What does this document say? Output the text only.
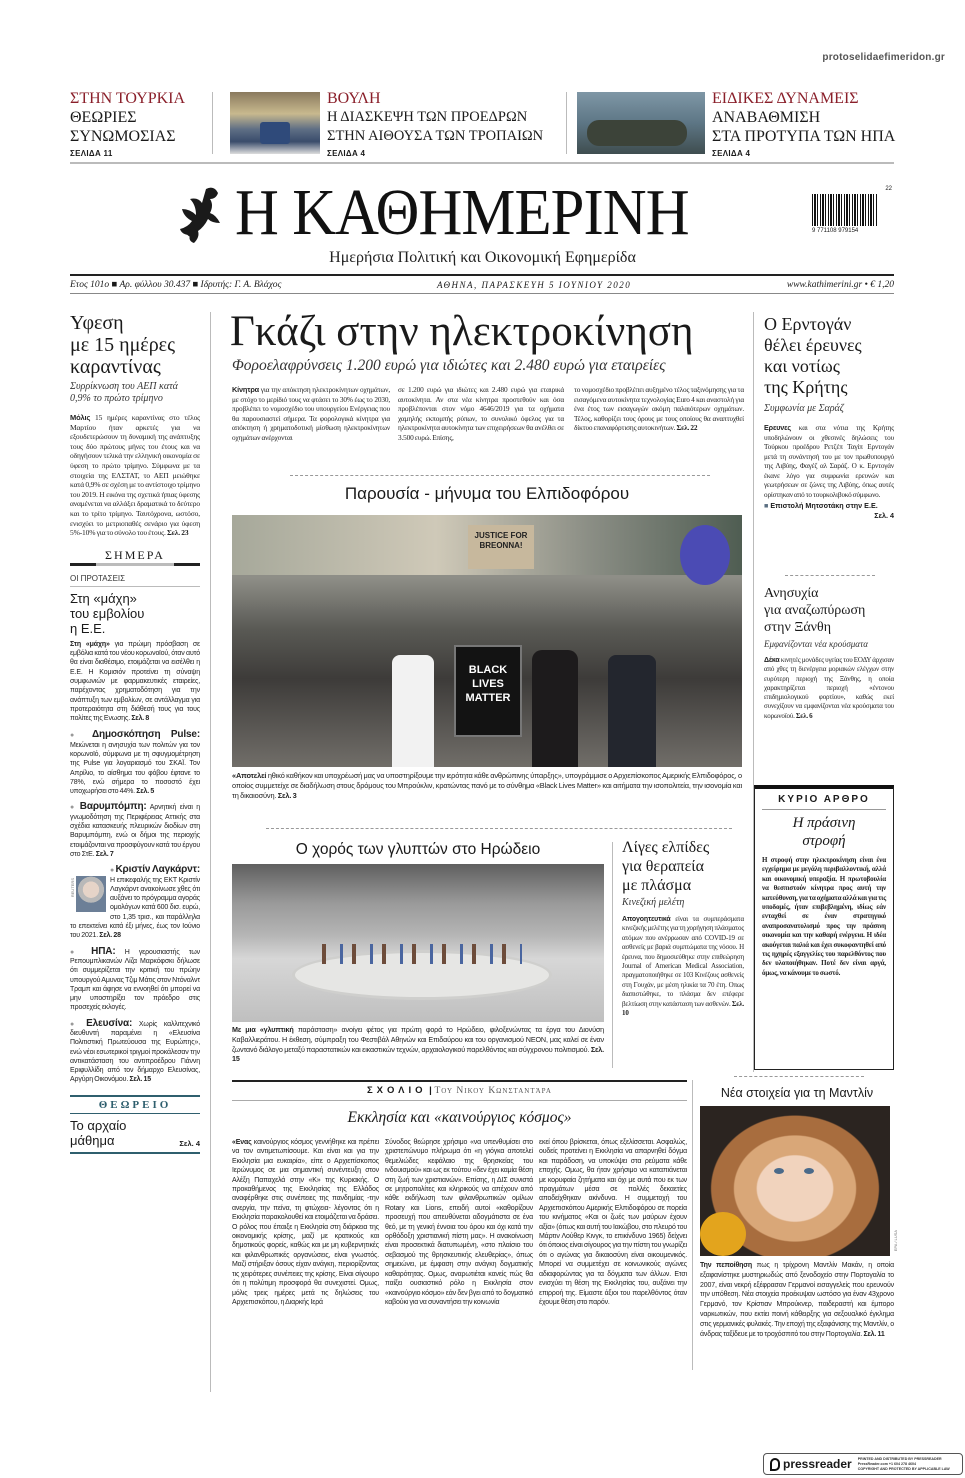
protoselidaefimeridon.gr
ΣΤΗΝ ΤΟΥΡΚΙΑ
ΘΕΩΡΙΕΣ
ΣΥΝΩΜΟΣΙΑΣ
ΣΕΛΙΔΑ 11
ΒΟΥΛΗ
Η ΔΙΑΣΚΕΨΗ ΤΩΝ ΠΡΟΕΔΡΩΝ
ΣΤΗΝ ΑΙΘΟΥΣΑ ΤΩΝ ΤΡΟΠΑΙΩΝ
ΣΕΛΙΔΑ 4
ΕΙΔΙΚΕΣ ΔΥΝΑΜΕΙΣ
ΑΝΑΒΑΘΜΙΣΗ
ΣΤΑ ΠΡΟΤΥΠΑ ΤΩΝ ΗΠΑ
ΣΕΛΙΔΑ 4
Η ΚΑΘΗΜΕΡΙΝΗ	22
9 771108 979154
Ημερήσια Πολιτική και Οικονομική Εφημερίδα
Ετος 101ο ■ Αρ. φύλλου 30.437 ■ Ιδρυτής: Γ. Α. Βλάχος	ΑΘΗΝΑ, ΠΑΡΑΣΚΕΥΗ 5 ΙΟΥΝΙΟΥ 2020	www.kathimerini.gr • € 1,20
Υφεση
με 15 ημέρες
καραντίνας
Συρρίκνωση του ΑΕΠ κατά 0,9% το πρώτο τρίμηνο

Μόλις 15 ημέρες καραντίνας στο τέλος Μαρτίου ήταν αρκετές για να εξουδετερώσουν τη δυναμική της ανάπτυξης τους δύο πρώτους μήνες του έτους και να οδηγήσουν τελικά την ελληνική οικονομία σε ύφεση το πρώτο τρίμηνο. Σύμφωνα με τα στοιχεία της ΕΛΣΤΑΤ, το ΑΕΠ μειώθηκε κατά 0,9% σε σχέση με το αντίστοιχο τρίμηνο του 2019. Η εικόνα της σχετικά ήπιας ύφεσης αναμένεται να αλλάξει δραματικά το δεύτερο και το τρίτο τρίμηνο. Ταυτόχρονα, ωστόσο, ενισχύει το μετριοπαθές σενάριο για ύφεση 5%-10% για το σύνολο του έτους. Σελ. 23

ΣΗΜΕΡΑ
ΟΙ ΠΡΟΤΑΣΕΙΣ
Στη «μάχη»
του εμβολίου
η Ε.Ε.

Στη «μάχη» για πρώιμη πρόσβαση σε εμβόλια κατά του νέου κορωνοϊού, όταν αυτό θα είναι διαθέσιμο, ετοιμάζεται να εισέλθει η Ε.Ε. Η Κομισιόν προτείνει τη σύναψη συμφωνιών με φαρμακευτικές εταιρείες, παρέχοντας χρηματοδότηση για την ανάπτυξη των εμβολίων, σε αντάλλαγμα για προτεραιότητα στη διάθεσή τους για τους πολίτες της Ενωσης. Σελ. 8

● Δημοσκόπηση Pulse: Μειώνεται η ανησυχία των πολιτών για τον κορωνοϊό, σύμφωνα με τη σφυγμομέτρηση της Pulse για λογαριασμό του ΣΚΑΪ. Τον Απρίλιο, το αίσθημα του φόβου έφτανε το 78%, ενώ σήμερα το ποσοστό έχει υποχωρήσει στο 44%. Σελ. 5

● Βαρυμπόμπη: Αρνητική είναι η γνωμοδότηση της Περιφέρειας Αττικής στα σχέδια κατασκευής πλευρικών διοδίων στη Βαρυμπόμπη, ενώ οι δήμοι της περιοχής ετοιμάζονται να προσφύγουν κατά του έργου στο ΣτΕ. Σελ. 7

● Κριστίν Λαγκάρντ: Η επικεφαλής της ΕΚΤ Κριστίν Λαγκάρντ ανακοίνωσε χθες ότι αυξάνει το πρόγραμμα αγοράς ομολόγων κατά 600 δισ. ευρώ, στο 1,35 τρισ., και παράλληλα το επεκτείνει κατά έξι μήνες, έως τον Ιούνιο του 2021. Σελ. 28

REUTERS

● ΗΠΑ: Η γερουσιαστής των Ρεπουμπλικανών Λίζα Μαρκόφσκι δήλωσε ότι συμμερίζεται την κριτική του πρώην υπουργού Αμυνας Τζιμ Μάτις στον Ντόναλντ Τραμπ και άφησε να εννοηθεί ότι μπορεί να μην υποστηρίξει τον πρόεδρο στις προσεχείς εκλογές.

● Ελευσίνα: Χωρίς καλλιτεχνικό διευθυντή παραμένει η «Ελευσίνα Πολιτιστική Πρωτεύουσα της Ευρώπης», ενώ νέοι εσωτερικοί τριγμοί προκάλεσαν την αντικατάσταση του αντιπροέδρου Γιάννη Εριφυλλίδη από τον δήμαρχο Ελευσίνας, Αργύρη Οικονόμου. Σελ. 15

ΘΕΩΡΕΙΟ
Το αρχαίο
μάθημα	Σελ. 4
Γκάζι στην ηλεκτροκίνηση
Φοροελαφρύνσεις 1.200 ευρώ για ιδιώτες και 2.480 ευρώ για εταιρείες
Κίνητρα για την απόκτηση ηλεκτροκίνητων οχημάτων, με στόχο το μερίδιό τους να φτάσει το 30% έως το 2030, προβλέπει το νομοσχέδιο του υπουργείου Ενέργειας που θα παρουσιαστεί σήμερα. Τα φορολογικά κίνητρα για απόκτηση ή χρηματοδοτική μίσθωση ηλεκτροκίνητων οχημάτων ανέρχονται
σε 1.200 ευρώ για ιδιώτες και 2.480 ευρώ για εταιρικά αυτοκίνητα. Αν στα νέα κίνητρα προστεθούν και όσα προβλέπονται στον νόμο 4646/2019 για τα οχήματα χαμηλής εκπομπής ρύπων, το συνολικό όφελος για τα ηλεκτροκίνητα αυτοκίνητα των επιχειρήσεων θα ανέλθει σε 3.500 ευρώ. Επίσης,
το νομοσχέδιο προβλέπει αυξημένο τέλος ταξινόμησης για τα εισαγόμενα αυτοκίνητα τεχνολογίας Euro 4 και αναστολή για ένα έτος των εισαγωγών ακόμη παλαιότερων οχημάτων. Τέλος, καθορίζει τους όρους με τους οποίους θα αναπτυχθεί δίκτυο επαναφόρτισης αυτοκινήτων. Σελ. 22
Παρουσία - μήνυμα του Ελπιδοφόρου
JUSTICE FOR BREONNA!
BLACK LIVES MATTER
«Αποτελεί ηθικό καθήκον και υποχρέωσή μας να υποστηρίξουμε την ιερότητα κάθε ανθρώπινης ύπαρξης», υπογράμμισε ο Αρχιεπίσκοπος Αμερικής Ελπιδοφόρος, ο οποίος συμμετείχε σε διαδήλωση στους δρόμους του Μπρούκλιν, κρατώντας πανό με το σύνθημα «Black Lives Matter» και αιτήματα την ισοπολιτεία, την ισονομία και τη δικαιοσύνη. Σελ. 3
Ο χορός των γλυπτών στο Ηρώδειο
Με μια «γλυπτική παράσταση» ανοίγει φέτος για πρώτη φορά το Ηρώδειο, φιλοξενώντας τα έργα του Διονύση Καβαλλιεράτου. Η έκθεση, σύμπραξη του Φεστιβάλ Αθηνών και Επιδαύρου και του οργανισμού NEON, μας καλεί σε έναν ζωντανό διάλογο μεταξύ παραστατικών και εικαστικών τεχνών, αρχαιολογικού παρελθόντος και σύγχρονου πολιτισμού. Σελ. 15
Λίγες ελπίδες
για θεραπεία
με πλάσμα
Κινεζική μελέτη

Απογοητευτικά είναι τα συμπεράσματα κινεζικής μελέτης για τη χορήγηση πλάσματος ατόμων που ανέρρωσαν από COVID-19 σε ασθενείς με βαριά συμπτώματα της νόσου. Η έρευνα, που δημοσιεύθηκε στην επιθεώρηση Journal of American Medical Association, πραγματοποιήθηκε σε 103 Κινέζους ασθενείς στη Γουχάν, με μέση ηλικία τα 70 έτη. Οπως διαπιστώθηκε, το πλάσμα δεν επέφερε βελτίωση στην κατάσταση των ασθενών. Σελ. 10

Ο Ερντογάν
θέλει έρευνες
και νοτίως
της Κρήτης
Συμφωνία με Σαράζ

Ερευνες και στα νότια της Κρήτης υποδηλώνουν οι χθεσινές δηλώσεις του Τούρκου προέδρου Ρετζέπ Ταγίπ Ερντογάν μετά τη συνάντησή του με τον πρωθυπουργό της Λιβύης, Φαγέζ αλ Σαράζ. Ο κ. Ερντογάν έκανε λόγο για συμφωνία ερευνών και γεωτρήσεων σε ζώνες της Λιβύης, όπως αυτές ορίστηκαν από το τουρκολιβυκό σύμφωνο.

■ Επιστολή Μητσοτάκη στην Ε.Ε.
Σελ. 4
Ανησυχία
για αναζωπύρωση
στην Ξάνθη
Εμφανίζονται νέα κρούσματα

Δέκα κινητές μονάδες υγείας του ΕΟΔΥ άρχισαν από χθες τη διενέργεια μοριακών ελέγχων στην ευρύτερη περιοχή της Ξάνθης, η οποία χαρακτηρίζεται περιοχή «έντονου επιδημιολογικού φορτίου», καθώς εκεί συνεχίζουν να εμφανίζονται νέα κρούσματα του κορωνοϊού. Σελ. 6

ΚΥΡΙΟ ΑΡΘΡΟ
Η πράσινη
στροφή

Η στροφή στην ηλεκτροκίνηση είναι ένα εγχείρημα με μεγάλη περιβαλλοντική, αλλά και οικονομική υπεραξία. Η πρωτοβουλία να θεσπιστούν κίνητρα προς αυτή την κατεύθυνση, για τα οχήματα αλλά και για τις υποδομές, ήταν επιβεβλημένη, ιδίως εάν ενταχθεί σε έναν στρατηγικό αναπροσανατολισμό προς την πράσινη οικονομία και την καθαρή ενέργεια. Η ιδέα ακούγεται παλιά και έχει συκοφαντηθεί από τις ηχηρές εξαγγελίες του παρελθόντος που δεν υλοποιήθηκαν. Ποτέ δεν είναι αργά, όμως, να κάνουμε το σωστό.

ΣΧΟΛΙΟ | Του Νικου Κωνσταντάρα
Εκκλησία και «καινούργιος κόσμος»
«Ενας καινούργιος κόσμος γεννήθηκε και πρέπει να τον αντιμετωπίσουμε. Και είναι και για την Εκκλησία μια ευκαιρία», είπε ο Αρχιεπίσκοπος Ιερώνυμος σε μια σημαντική συνέντευξη στον Αλέξη Παπαχελά στην «Κ» της Κυριακής. Ο προκαθήμενος της Εκκλησίας της Ελλάδος αναφέρθηκε στις συνέπειες της πανδημίας -την ανεργία, την πείνα, τη φτώχεια- λέγοντας ότι η Εκκλησία παρακολουθεί και ετοιμάζεται να δράσει. Ο ρόλος που έπαιξε η Εκκλησία στη διάρκεια της οικονομικής κρίσης, μαζί με κρατικούς και δημοτικούς φορείς, καθώς και με μη κυβερνητικές και φιλανθρωπικές οργανώσεις, είναι γνωστός. Μαζί στήριξαν όσους είχαν ανάγκη, περιορίζοντας τις χειρότερες συνέπειες της κρίσης. Είναι σίγουρο ότι η πολύτιμη προσφορά θα συνεχιστεί. Ομως, μόλις τρεις ημέρες μετά τις δηλώσεις του Αρχιεπισκόπου, η Διαρκής Ιερά
Σύνοδος θεώρησε χρήσιμο «να υπενθυμίσει στο χριστεπώνυμο πλήρωμα ότι «η γιόγκα αποτελεί θεμελιώδες κεφάλαιο της θρησκείας του ινδουισμού» και ως εκ τούτου «δεν έχει καμία θέση στη ζωή των χριστιανών». Επίσης, η ΔΙΣ συνιστά σε μητροπολίτες και κληρικούς να απέχουν από κάθε εκδήλωση των φιλανθρωπικών ομίλων Rotary και Lions, επειδή αυτοί «καθορίζουν προσευχή που απευθύνεται αδογμάτιστα σε ένα θεό, με τη γενική έννοια του όρου και όχι κατά την ορθόδοξη χριστιανική πίστη μας». Η ανακοίνωση είναι προσεκτικά διατυπωμένη, «στο πλαίσιο του σεβασμού της θρησκευτικής ελευθερίας», όπως σημειώνει, με έμφαση στην ανάγκη δογματικής καθαρότητας. Ομως, αναρωτιέται κανείς πώς θα παίξει ουσιαστικό ρόλο η Εκκλησία στον «καινούργιο κόσμο» εάν δεν βγει από το δογματικό καβούκι για να συναντήσει την κοινωνία
εκεί όπου βρίσκεται, όπως εξελίσσεται. Ασφαλώς, ουδείς προτείνει η Εκκλησία να απαρνηθεί δόγμα και παράδοση, να υποκύψει στα ρεύματα κάθε εποχής. Ομως, θα ήταν χρήσιμο να καταπιάνεται με κορυφαία ζητήματα και όχι με αυτά που εκ των πραγμάτων μέσα σε πολλές δεκαετίες αποδείχθηκαν ακίνδυνα. Η συμμετοχή του Αρχιεπισκόπου Αμερικής Ελπιδοφόρου σε πορεία του κινήματος «Και οι ζωές των μαύρων έχουν αξία» (όπως και αυτή του Ιακώβου, στο πλευρό του Μάρτιν Λούθερ Κινγκ, το επικίνδυνο 1965) δείχνει ότι όποιος είναι σίγουρος για την πίστη του γνωρίζει ότι ο αγώνας για δικαιοσύνη είναι οικουμενικός. Μπορεί να συμμετέχει σε κοινωνικούς αγώνες αδιαφορώντας για τα δόγματα των άλλων. Ετσι ενισχύει τη θέση της Εκκλησίας του, αυξάνει την επιρροή της. Είμαστε άξιοι του παρελθόντος όταν έχουμε θέση στο παρόν.
Νέα στοιχεία για τη Μαντλίν
EPA / LUSA
Την πεποίθηση πως η τρίχρονη Μαντλίν Μακάν, η οποία εξαφανίστηκε μυστηριωδώς από ξενοδοχείο στην Πορτογαλία το 2007, είναι νεκρή εξέφρασαν Γερμανοί εισαγγελείς που ερευνούν την υπόθεση. Νέα στοιχεία προέκυψαν ωστόσο για έναν 43χρονο Γερμανό, τον Κρίστιαν Μπρούκνερ, παιδεραστή και έμπορο ναρκωτικών, που εκτίει ποινή κάθειρξης για σεξουαλικό έγκλημα στις γερμανικές φυλακές. Την εποχή της εξαφάνισης της Μαντλίν, ο άνδρας ταξίδευε με το τροχόσπιτό του στην Πορτογαλία. Σελ. 11
pressreader PRINTED AND DISTRIBUTED BY PRESSREADER
PressReader.com +1 604 278 4604
COPYRIGHT AND PROTECTED BY APPLICABLE LAW
